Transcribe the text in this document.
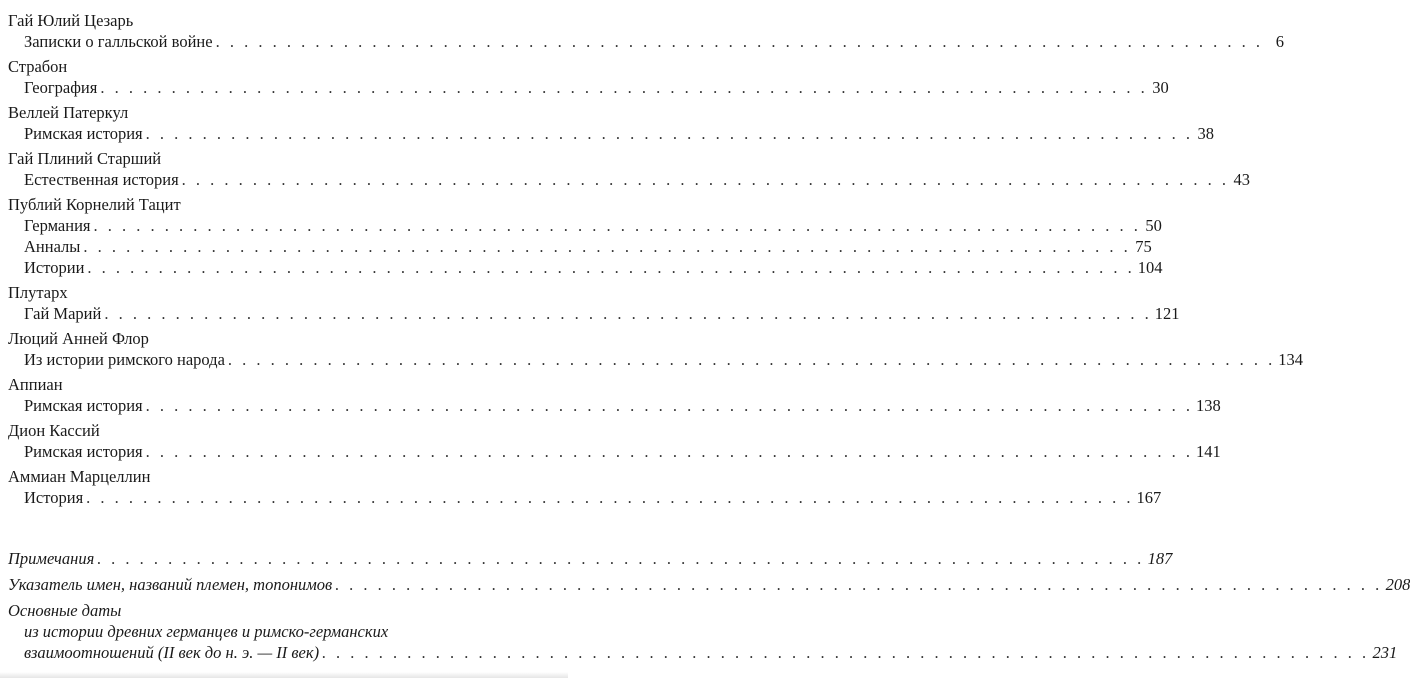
Гай Юлий Цезарь
Записки о галльской войне . . . . . . . . . . . . . . . . . . . . . . . . . . . . . . . . . . . . . . . . . . . . . . . . . . . . . . . . . . . . . . . . . . . . . . . . . . 6
Страбон
География . . . . . . . . . . . . . . . . . . . . . . . . . . . . . . . . . . . . . . . . . . . . . . . . . . . . . . . . . . . . . . . . . . . . . . . . . . 30
Веллей Патеркул
Римская история . . . . . . . . . . . . . . . . . . . . . . . . . . . . . . . . . . . . . . . . . . . . . . . . . . . . . . . . . . . . . . . . . . . . . . . . . . 38
Гай Плиний Старший
Естественная история . . . . . . . . . . . . . . . . . . . . . . . . . . . . . . . . . . . . . . . . . . . . . . . . . . . . . . . . . . . . . . . . . . . . . . . . . . 43
Публий Корнелий Тацит
Германия . . . . . . . . . . . . . . . . . . . . . . . . . . . . . . . . . . . . . . . . . . . . . . . . . . . . . . . . . . . . . . . . . . . . . . . . . . 50
Анналы . . . . . . . . . . . . . . . . . . . . . . . . . . . . . . . . . . . . . . . . . . . . . . . . . . . . . . . . . . . . . . . . . . . . . . . . . . 75
Истории . . . . . . . . . . . . . . . . . . . . . . . . . . . . . . . . . . . . . . . . . . . . . . . . . . . . . . . . . . . . . . . . . . . . . . . . . . 104
Плутарх
Гай Марий . . . . . . . . . . . . . . . . . . . . . . . . . . . . . . . . . . . . . . . . . . . . . . . . . . . . . . . . . . . . . . . . . . . . . . . . . . 121
Люций Анней Флор
Из истории римского народа . . . . . . . . . . . . . . . . . . . . . . . . . . . . . . . . . . . . . . . . . . . . . . . . . . . . . . . . . . . . . . . . . . . . . . . . . . 134
Аппиан
Римская история . . . . . . . . . . . . . . . . . . . . . . . . . . . . . . . . . . . . . . . . . . . . . . . . . . . . . . . . . . . . . . . . . . . . . . . . . . 138
Дион Кассий
Римская история . . . . . . . . . . . . . . . . . . . . . . . . . . . . . . . . . . . . . . . . . . . . . . . . . . . . . . . . . . . . . . . . . . . . . . . . . . 141
Аммиан Марцеллин
История . . . . . . . . . . . . . . . . . . . . . . . . . . . . . . . . . . . . . . . . . . . . . . . . . . . . . . . . . . . . . . . . . . . . . . . . . . 167
Примечания . . . . . . . . . . . . . . . . . . . . . . . . . . . . . . . . . . . . . . . . . . . . . . . . . . . . . . . . . . . . . . . . . . . . . . . . . . 187
Указатель имен, названий племен, топонимов . . . . . . . . . . . . . . . . . . . . . . . . . . . . . . . . . . . . . . . . . . . . . . . . . . . . . . . . . . . . . . . . . . . . . . . . . . 208
Основные даты
из истории древних германцев и римско-германских
взаимоотношений (II век до н. э. — II век) . . . . . . . . . . . . . . . . . . . . . . . . . . . . . . . . . . . . . . . . . . . . . . . . . . . . . . . . . . . . . . . . . . . . . . . . . . 231
